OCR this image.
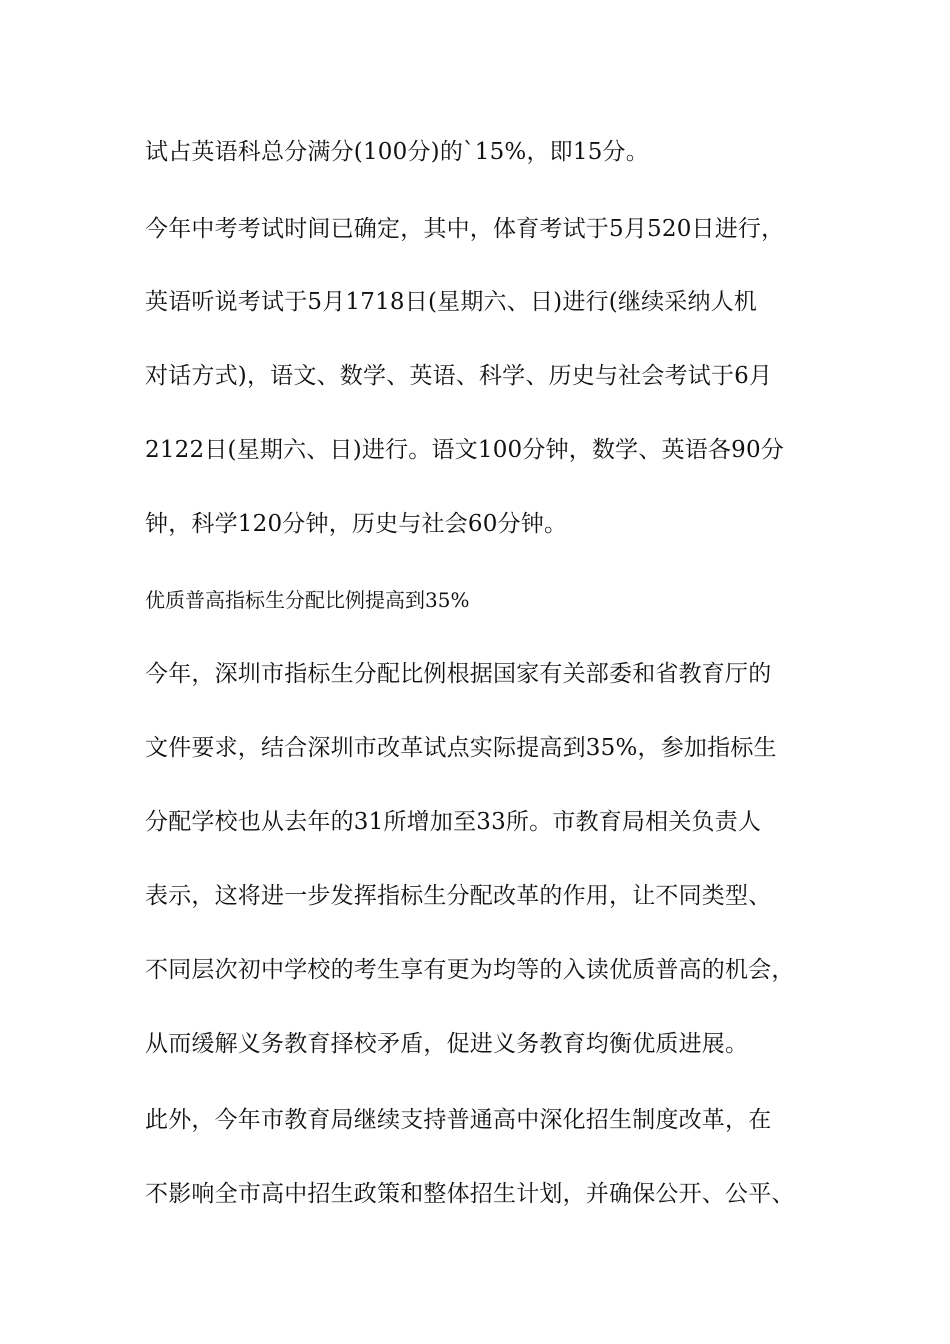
试占英语科总分满分(100分)的`15%，即15分。
今年中考考试时间已确定，其中，体育考试于5月520日进行，
英语听说考试于5月1718日(星期六、日)进行(继续采纳人机
对话方式)，语文、数学、英语、科学、历史与社会考试于6月
2122日(星期六、日)进行。语文100分钟，数学、英语各90分
钟，科学120分钟，历史与社会60分钟。
优质普高指标生分配比例提高到35%
今年，深圳市指标生分配比例根据国家有关部委和省教育厅的
文件要求，结合深圳市改革试点实际提高到35%，参加指标生
分配学校也从去年的31所增加至33所。市教育局相关负责人
表示，这将进一步发挥指标生分配改革的作用，让不同类型、
不同层次初中学校的考生享有更为均等的入读优质普高的机会，
从而缓解义务教育择校矛盾，促进义务教育均衡优质进展。
此外，今年市教育局继续支持普通高中深化招生制度改革，在
不影响全市高中招生政策和整体招生计划，并确保公开、公平、
